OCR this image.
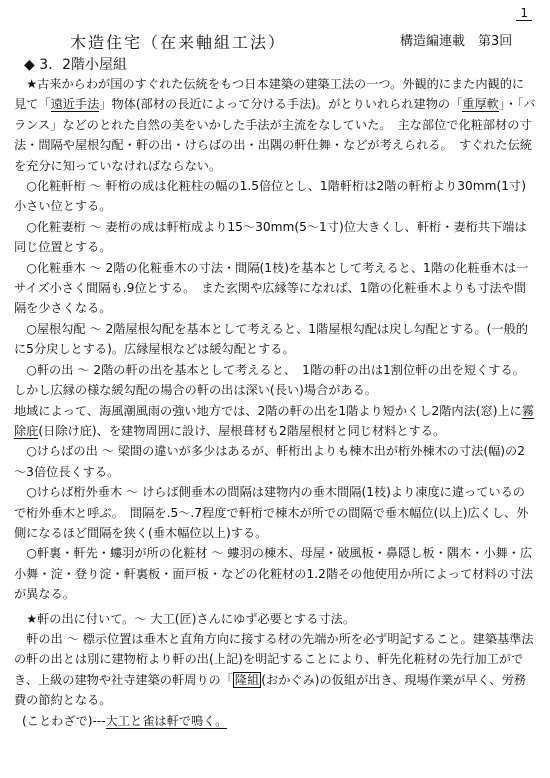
1
木造住宅（在来軸組工法）	構造編連載　第3回
◆ 3．2階小屋組

★古来からわが国のすぐれた伝統をもつ日本建築の建築工法の一つ。外観的にまた内観的に見て「遠近手法」物体(部材の長近によって分ける手法)。がとりいれられ建物の「重厚軟」・「バランス」などのとれた自然の美をいかした手法が主流をなしていた。　主な部位で化粧部材の寸法・間隔や屋根勾配・軒の出・けらばの出・出隅の軒仕舞・などが考えられる。　すぐれた伝統を充分に知っていなければならない。

○化粧軒桁 ～ 軒桁の成は化粧柱の幅の1.5倍位とし、1階軒桁は2階の軒桁より30mm(1寸)小さい位とする。

○化粧妻桁 ～ 妻桁の成は軒桁成より15～30mm(5～1寸)位大きくし、軒桁・妻桁共下端は同じ位置とする。

○化粧垂木 ～ 2階の化粧垂木の寸法・間隔(1枝)を基本として考えると、1階の化粧垂木は一サイズ小さく間隔も.9位とする。　また玄関や広縁等になれば、1階の化粧垂木よりも寸法や間隔を少さくなる。

○屋根勾配 ～ 2階屋根勾配を基本として考えると、1階屋根勾配は戻し勾配とする。(一般的に5分戻しとする)。広縁屋根などは緩勾配とする。

○軒の出 ～ 2階の軒の出を基本として考えると、　1階の軒の出は1割位軒の出を短くする。　しかし広縁の様な緩勾配の場合の軒の出は深い(長い)場合がある。

地域によって、海風潮風雨の強い地方では、2階の軒の出を1階より短かくし2階内法(窓)上に霧除庇(日除け庇)、を建物周囲に設け、屋根葺材も2階屋根材と同じ材料とする。

○けらばの出 ～ 梁間の違いが多少はあるが、軒桁出よりも棟木出が桁外棟木の寸法(幅)の2～3倍位長くする。

○けらば桁外垂木 ～ けらば側垂木の間隔は建物内の垂木間隔(1枝)より凍度に違っているので桁外垂木と呼ぶ。　間隔を.5～.7程度で軒桁で棟木が所での間隔で垂木幅位(以上)広くし、外側になるほど間隔を狭く(垂木幅位以上)する。

○軒裏・軒先・螻羽が所の化粧材 ～ 螻羽の棟木、母屋・破風板・鼻隠し板・隅木・小舞・広小舞・淀・登り淀・軒裏板・面戸板・などの化粧材の1.2階その他使用か所によって材料の寸法が異なる。

★軒の出に付いて。～ 大工(匠)さんにゆず必要とする寸法。

軒の出 ～ 標示位置は垂木と直角方向に接する材の先端か所を必ず明記すること。建築基準法の軒の出とは別に建物桁より軒の出(上記)を明記することにより、軒先化粧材の先行加工ができ、上級の建物や社寺建築の軒周りの「 隆組 (おかぐみ)の仮組が出き、現場作業が早く、労務費の節約となる。

(ことわざで)---大工と雀は軒で鳴く。
